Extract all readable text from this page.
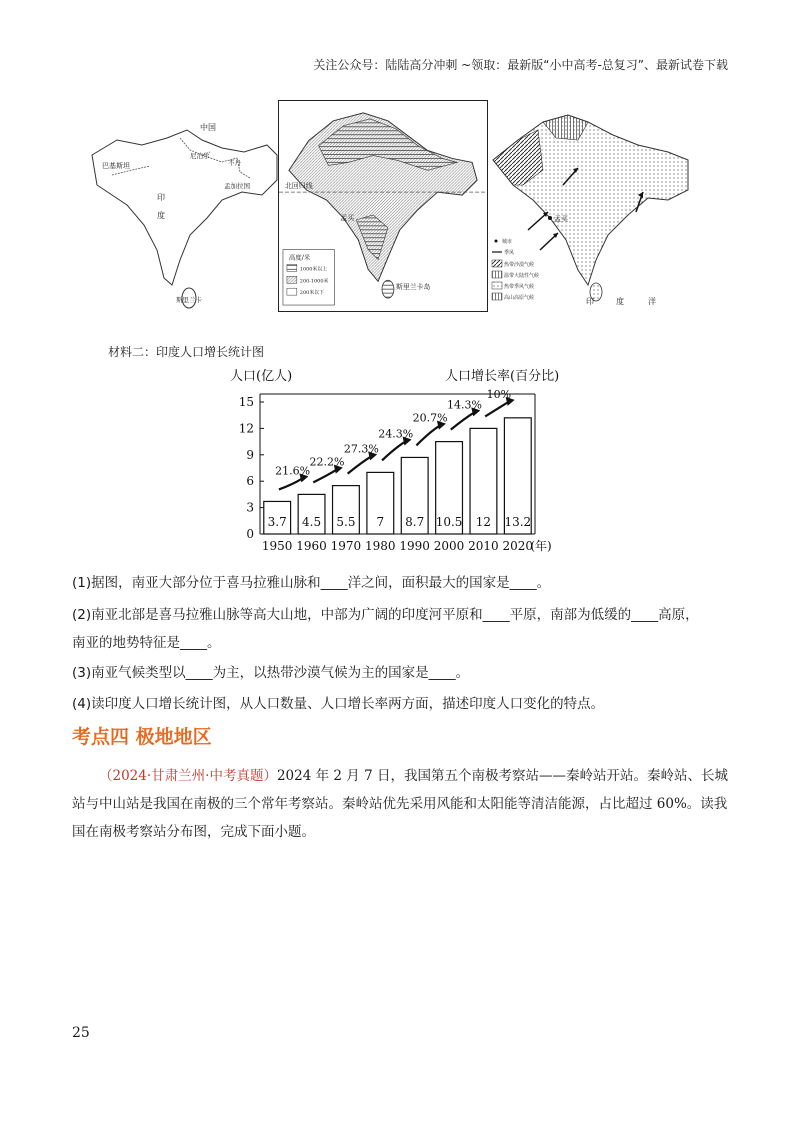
关注公众号：陆陆高分冲刺 ~领取：最新版“小中高考-总复习”、最新试卷下载
巴基斯坦
中国
尼泊尔
不丹
孟加拉国
印
度
斯里兰卡
北回归线
孟买
斯里兰卡岛
高度/米
1000米以上
200-1000米
200米以下
孟买
印	度	洋
城市
季风
热带沙漠气候
温带大陆性气候
热带季风气候
高山高原气候
材料二：印度人口增长统计图
人口(亿人)	人口增长率(百分比)
0
3
6
9
12
15
3.7
1950
4.5
1960
5.5
1970
7
1980
8.7
1990
10.5
2000
12
2010
13.2
2020
(年)
21.6%
22.2%
27.3%
24.3%
20.7%
14.3%
10%
(1)据图，南亚大部分位于喜马拉雅山脉和____洋之间，面积最大的国家是____。
(2)南亚北部是喜马拉雅山脉等高大山地，中部为广阔的印度河平原和____平原，南部为低缓的____高原，
南亚的地势特征是____。
(3)南亚气候类型以____为主，以热带沙漠气候为主的国家是____。
(4)读印度人口增长统计图，从人口数量、人口增长率两方面，描述印度人口变化的特点。
考点四 极地地区
（2024·甘肃兰州·中考真题）2024 年 2 月 7 日，我国第五个南极考察站——秦岭站开站。秦岭站、长城站与中山站是我国在南极的三个常年考察站。秦岭站优先采用风能和太阳能等清洁能源，占比超过 60%。读我国在南极考察站分布图，完成下面小题。
25
